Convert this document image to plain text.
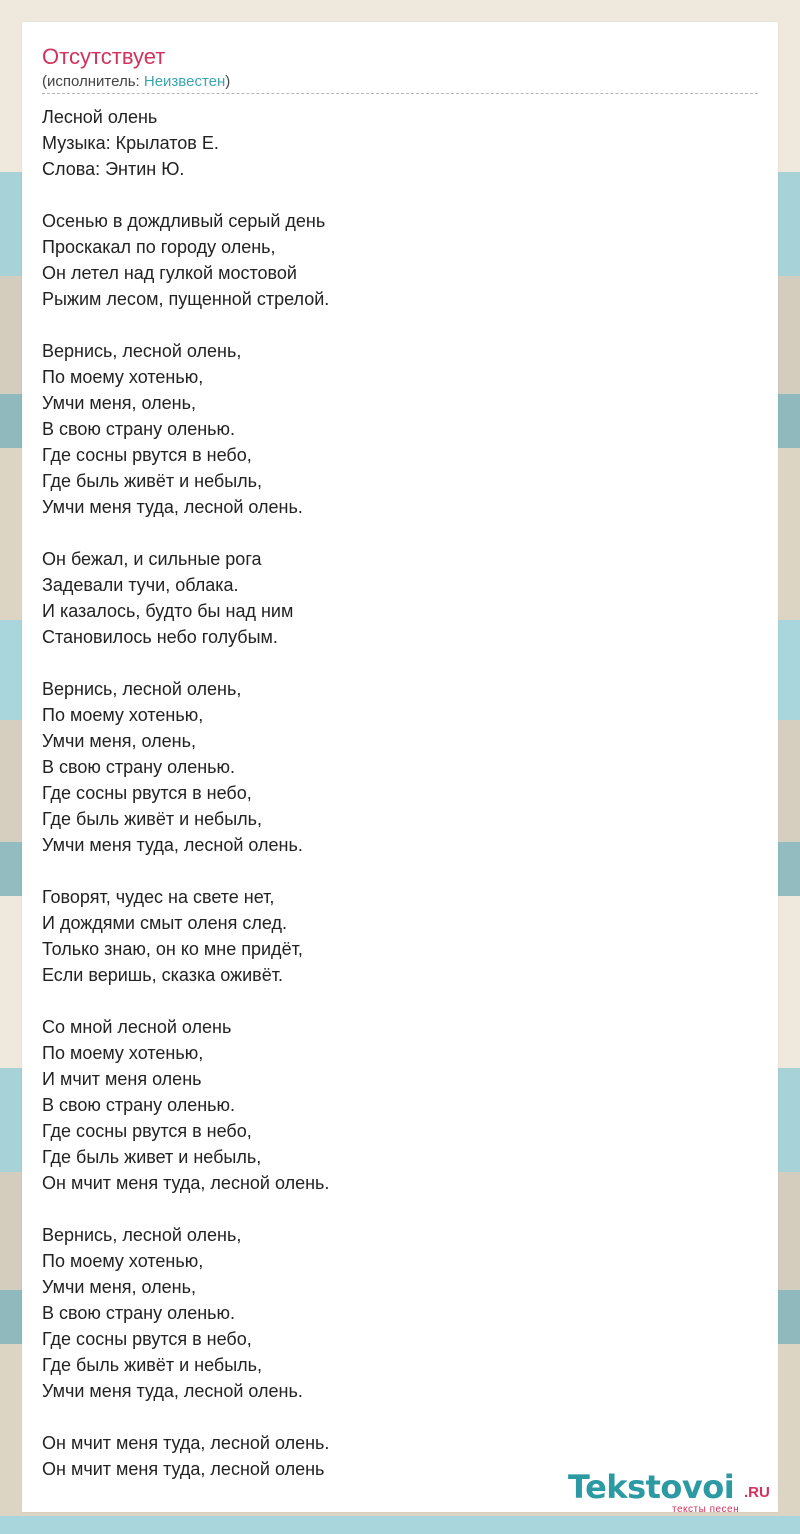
Отсутствует
(исполнитель: Неизвестен)
Лесной олень
Музыка: Крылатов Е.
Слова: Энтин Ю.
Осенью в дождливый серый день
Проскакал по городу олень,
Он летел над гулкой мостовой
Рыжим лесом, пущенной стрелой.
Вернись, лесной олень,
По моему хотенью,
Умчи меня, олень,
В свою страну оленью.
Где сосны рвутся в небо,
Где быль живёт и небыль,
Умчи меня туда, лесной олень.
Он бежал, и сильные рога
Задевали тучи, облака.
И казалось, будто бы над ним
Становилось небо голубым.
Вернись, лесной олень,
По моему хотенью,
Умчи меня, олень,
В свою страну оленью.
Где сосны рвутся в небо,
Где быль живёт и небыль,
Умчи меня туда, лесной олень.
Говорят, чудес на свете нет,
И дождями смыт оленя след.
Только знаю, он ко мне придёт,
Если веришь, сказка оживёт.
Со мной лесной олень
По моему хотенью,
И мчит меня олень
В свою страну оленью.
Где сосны рвутся в небо,
Где быль живет и небыль,
Он мчит меня туда, лесной олень.
Вернись, лесной олень,
По моему хотенью,
Умчи меня, олень,
В свою страну оленью.
Где сосны рвутся в небо,
Где быль живёт и небыль,
Умчи меня туда, лесной олень.
Он мчит меня туда, лесной олень.
Он мчит меня туда, лесной олень	Tekstovoi .RU
тексты песен
